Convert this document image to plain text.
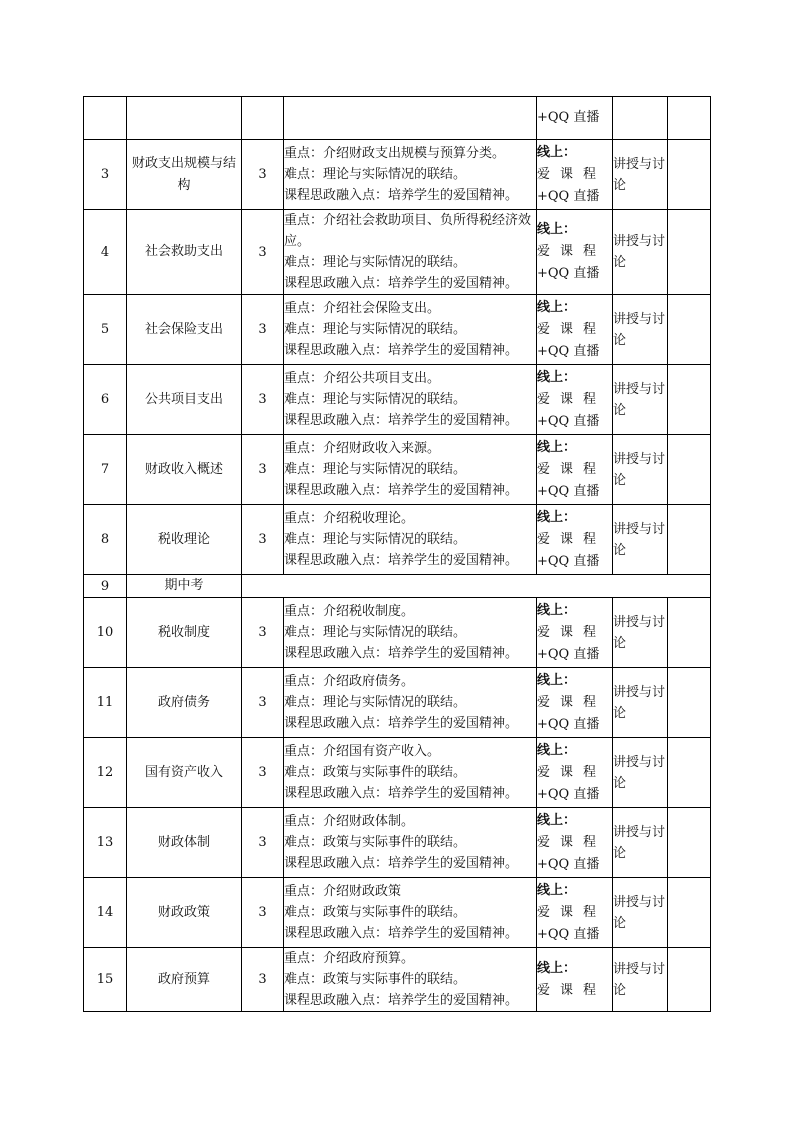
				+QQ 直播		

3	财政支出规模与结构	3	重点：介绍财政支出规模与预算分类。
难点：理论与实际情况的联结。
课程思政融入点：培养学生的爱国精神。	线上：
爱课程
+QQ 直播	讲授与讨论	
4	社会救助支出	3	重点：介绍社会救助项目、负所得税经济效应。
难点：理论与实际情况的联结。
课程思政融入点：培养学生的爱国精神。	线上：
爱课程
+QQ 直播	讲授与讨论	
5	社会保险支出	3	重点：介绍社会保险支出。
难点：理论与实际情况的联结。
课程思政融入点：培养学生的爱国精神。	线上：
爱课程
+QQ 直播	讲授与讨论	
6	公共项目支出	3	重点：介绍公共项目支出。
难点：理论与实际情况的联结。
课程思政融入点：培养学生的爱国精神。	线上：
爱课程
+QQ 直播	讲授与讨论	
7	财政收入概述	3	重点：介绍财政收入来源。
难点：理论与实际情况的联结。
课程思政融入点：培养学生的爱国精神。	线上：
爱课程
+QQ 直播	讲授与讨论	
8	税收理论	3	重点：介绍税收理论。
难点：理论与实际情况的联结。
课程思政融入点：培养学生的爱国精神。	线上：
爱课程
+QQ 直播	讲授与讨论	
9	期中考					
10	税收制度	3	重点：介绍税收制度。
难点：理论与实际情况的联结。
课程思政融入点：培养学生的爱国精神。	线上：
爱课程
+QQ 直播	讲授与讨论	
11	政府债务	3	重点：介绍政府债务。
难点：理论与实际情况的联结。
课程思政融入点：培养学生的爱国精神。	线上：
爱课程
+QQ 直播	讲授与讨论	
12	国有资产收入	3	重点：介绍国有资产收入。
难点：政策与实际事件的联结。
课程思政融入点：培养学生的爱国精神。	线上：
爱课程
+QQ 直播	讲授与讨论	
13	财政体制	3	重点：介绍财政体制。
难点：政策与实际事件的联结。
课程思政融入点：培养学生的爱国精神。	线上：
爱课程
+QQ 直播	讲授与讨论	
14	财政政策	3	重点：介绍财政政策
难点：政策与实际事件的联结。
课程思政融入点：培养学生的爱国精神。	线上：
爱课程
+QQ 直播	讲授与讨论	
15	政府预算	3	重点：介绍政府预算。
难点：政策与实际事件的联结。
课程思政融入点：培养学生的爱国精神。	线上：
爱课程	讲授与讨论	
